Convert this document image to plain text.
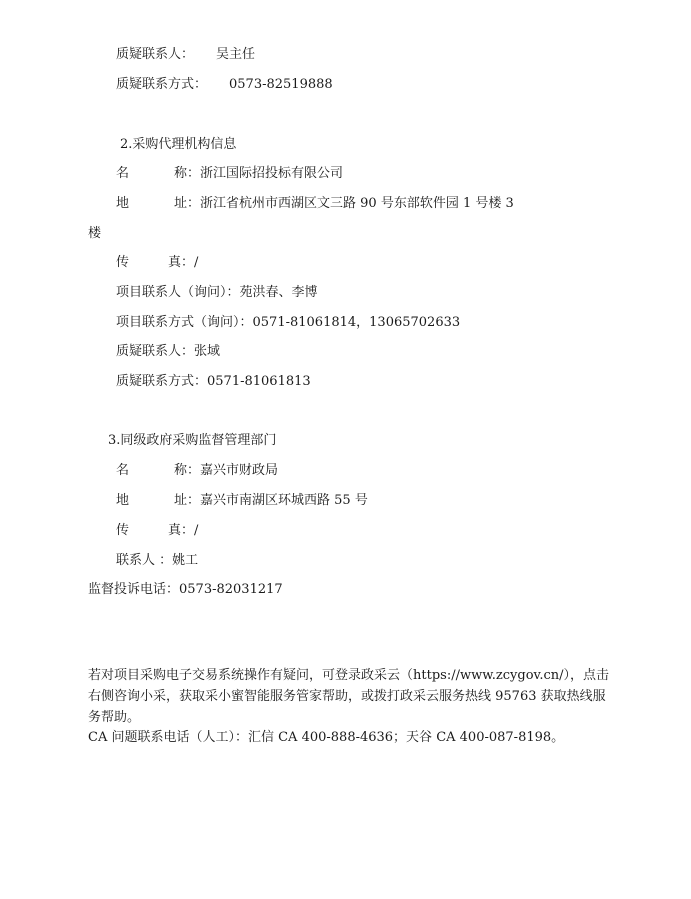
质疑联系人： 吴主任
质疑联系方式： 0573-82519888
2.采购代理机构信息
名	称：浙江国际招投标有限公司
地	址：浙江省杭州市西湖区文三路 90 号东部软件园 1 号楼 3
楼
传	真：/
项目联系人（询问）：苑洪春、李博
项目联系方式（询问）：0571-81061814，13065702633
质疑联系人：张域
质疑联系方式：0571-81061813
3.同级政府采购监督管理部门
名	称：嘉兴市财政局
地	址：嘉兴市南湖区环城西路 55 号
传	真：/
联系人 ：姚工
监督投诉电话：0573-82031217
若对项目采购电子交易系统操作有疑问，可登录政采云（https://www.zcygov.cn/），点击右侧咨询小采，获取采小蜜智能服务管家帮助，或拨打政采云服务热线 95763 获取热线服务帮助。
CA 问题联系电话（人工）：汇信 CA 400-888-4636；天谷 CA 400-087-8198。
